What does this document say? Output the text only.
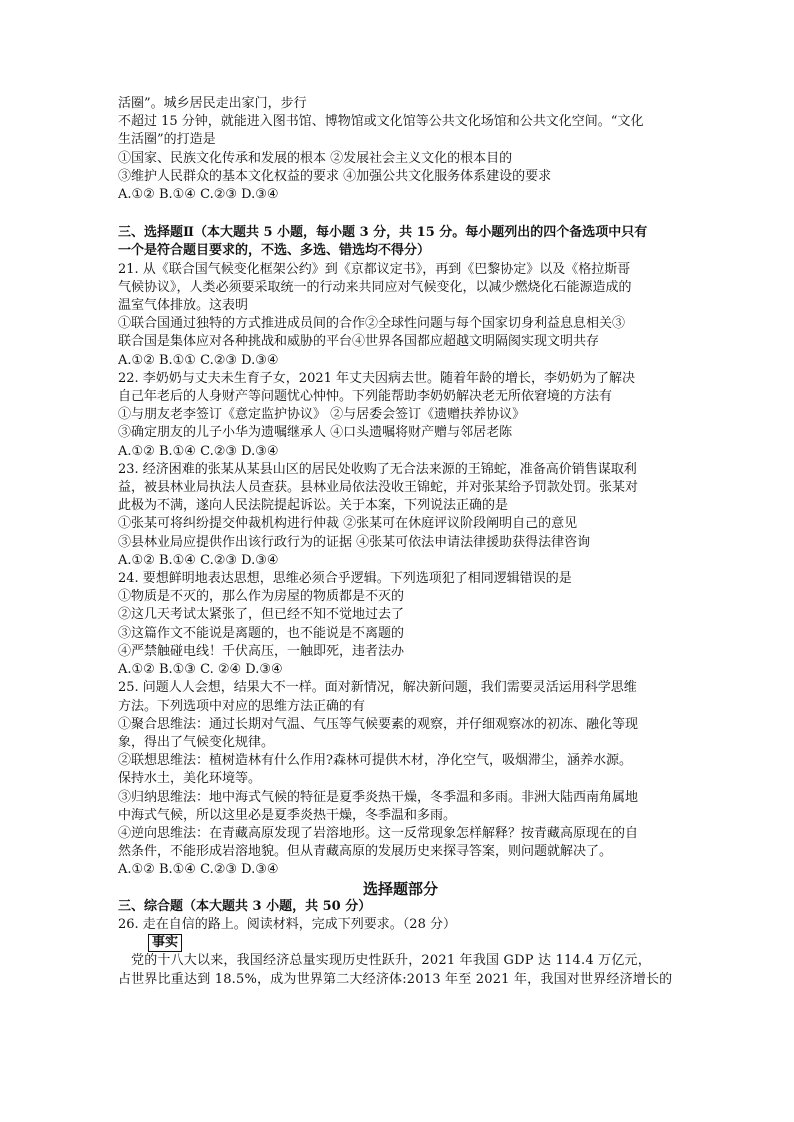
活圈”。城乡居民走出家门，步行

不超过 15 分钟，就能进入图书馆、博物馆或文化馆等公共文化场馆和公共文化空间。“文化

生活圈”的打造是

①国家、民族文化传承和发展的根本 ②发展社会主义文化的根本目的

③维护人民群众的基本文化权益的要求 ④加强公共文化服务体系建设的要求

A.①② B.①④ C.②③ D.③④

三、选择题Ⅱ（本大题共 5 小题，每小题 3 分，共 15 分。每小题列出的四个备选项中只有

一个是符合题目要求的，不选、多选、错选均不得分）

21. 从《联合国气候变化框架公约》到《京都议定书》，再到《巴黎协定》以及《格拉斯哥

气候协议》，人类必须要采取统一的行动来共同应对气候变化，以减少燃烧化石能源造成的

温室气体排放。这表明

①联合国通过独特的方式推进成员间的合作②全球性问题与每个国家切身利益息息相关③

联合国是集体应对各种挑战和威胁的平台④世界各国都应超越文明隔阂实现文明共存

A.①② B.①① C.②③ D.③④

22. 李奶奶与丈夫未生育子女，2021 年丈夫因病去世。随着年龄的增长，李奶奶为了解决

自己年老后的人身财产等问题忧心忡忡。下列能帮助李奶奶解决老无所依窘境的方法有

①与朋友老李签订《意定监护协议》 ②与居委会签订《遗赠扶养协议》

③确定朋友的儿子小华为遗嘱继承人 ④口头遗嘱将财产赠与邻居老陈

A.①② B.①④ C.②③ D.③④

23. 经济困难的张某从某县山区的居民处收购了无合法来源的王锦蛇，准备高价销售谋取利

益，被县林业局执法人员查获。县林业局依法没收王锦蛇，并对张某给予罚款处罚。张某对

此极为不满，遂向人民法院提起诉讼。关于本案，下列说法正确的是

①张某可将纠纷提交仲裁机构进行仲裁 ②张某可在休庭评议阶段阐明自己的意见

③县林业局应提供作出该行政行为的证据 ④张某可依法申请法律援助获得法律咨询

A.①② B.①④ C.②③ D.③④

24. 要想鲜明地表达思想，思维必须合乎逻辑。下列选项犯了相同逻辑错误的是

①物质是不灭的，那么作为房屋的物质都是不灭的

②这几天考试太紧张了，但已经不知不觉地过去了

③这篇作文不能说是离题的，也不能说是不离题的

④严禁触碰电线！千伏高压，一触即死，违者法办

A.①② B.①③ C. ②④ D.③④

25. 问题人人会想，结果大不一样。面对新情况，解决新问题，我们需要灵活运用科学思维

方法。下列选项中对应的思维方法正确的有

①聚合思维法：通过长期对气温、气压等气候要素的观察，并仔细观察冰的初冻、融化等现

象，得出了气候变化规律。

②联想思维法：植树造林有什么作用?森林可提供木材，净化空气，吸烟滞尘，涵养水源。

保持水土，美化环境等。

③归纳思维法：地中海式气候的特征是夏季炎热干燥，冬季温和多雨。非洲大陆西南角属地

中海式气候，所以这里必是夏季炎热干燥，冬季温和多雨。

④逆向思维法：在青藏高原发现了岩溶地形。这一反常现象怎样解释？按青藏高原现在的自

然条件，不能形成岩溶地貌。但从青藏高原的发展历史来探寻答案，则问题就解决了。

A.①② B.①④ C.②③ D.③④

选择题部分

三、综合题（本大题共 3 小题，共 50 分）

26. 走在自信的路上。阅读材料，完成下列要求。（28 分）

事实

党的十八大以来，我国经济总量实现历史性跃升，2021 年我国 GDP 达 114.4 万亿元，

占世界比重达到 18.5%，成为世界第二大经济体:2013 年至 2021 年，我国对世界经济增长的
